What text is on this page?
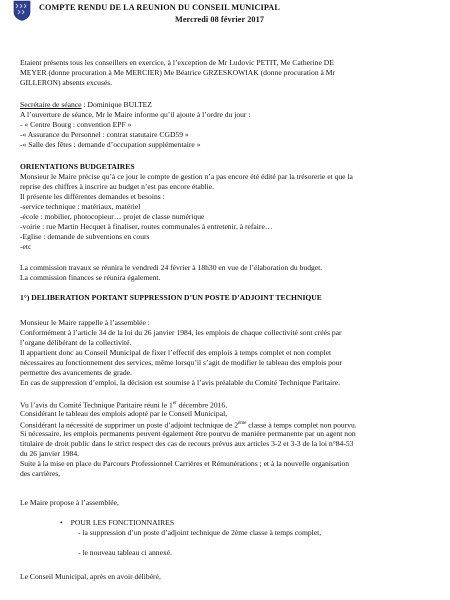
COMPTE RENDU DE LA REUNION DU CONSEIL MUNICIPAL
Mercredi 08 février 2017
Etaient présents tous les conseillers en exercice, à l’exception de Mr Ludovic PETIT, Me Catherine DE
MEYER (donne procuration à Me MERCIER) Me Béatrice GRZESKOWIAK (donne procuration à Mr
GILLERON) absents excusés.
Secrétaire de séance : Dominique BULTEZ
A l’ouverture de séance, Mr le Maire informe qu’il ajoute à l’ordre du jour :
- « Centre Bourg : convention EPF »
-« Assurance du Personnel : contrat statutaire CGD59 »
-« Salle des fêtes : demande d’occupation supplémentaire »
ORIENTATIONS BUDGETAIRES
Monsieur le Maire précise qu’à ce jour le compte de gestion n’a pas encore été édité par la trésorerie et que la
reprise des chiffres à inscrire au budget n’est pas encore établie.
Il présente les différentes demandes et besoins :
-service technique : matériaux, matériel
-école : mobilier, photocopieur… projet de classe numérique
-voirie : rue Martin Hecquet à finaliser, routes communales à entretenir, à refaire…
-Eglise : demande de subventions en cours
-etc
La commission travaux se réunira le vendredi 24 février à 18h30 en vue de l’élaboration du budget.
La commission finances se réunira également.
1°) DELIBERATION PORTANT SUPPRESSION D’UN POSTE D’ADJOINT TECHNIQUE
Monsieur le Maire rappelle à l’assemblée :
Conformément à l’article 34 de la loi du 26 janvier 1984, les emplois de chaque collectivité sont créés par
l’organe délibérant de la collectivité.
Il appartient donc au Conseil Municipal de fixer l’effectif des emplois à temps complet et non complet
nécessaires au fonctionnement des services, même lorsqu’il s’agit de modifier le tableau des emplois pour
permettre des avancements de grade.
En cas de suppression d’emploi, la décision est soumise à l’avis préalable du Comité Technique Paritaire.
Vu l’avis du Comité Technique Paritaire réuni le 1er décembre 2016,
Considérant le tableau des emplois adopté par le Conseil Municipal,
Considérant la nécessité de supprimer un poste d’adjoint technique de 2ème classe à temps complet non pourvu.
Si nécessaire, les emplois permanents peuvent également être pourvu de manière permanente par un agent non
titulaire de droit public dans le strict respect des cas de recours prévus aux articles 3-2 et 3-3 de la loi n°84-53
du 26 janvier 1984.
Suite à la mise en place du Parcours Professionnel Carrières et Rémunérations ; et à la nouvelle organisation
des carrières,
Le Maire propose à l’assemblée,
• POUR LES FONCTIONNAIRES
- la suppression d’un poste d’adjoint technique de 2ème classe à temps complet,
- le nouveau tableau ci annexé.
Le Conseil Municipal, après en avoir délibéré,
